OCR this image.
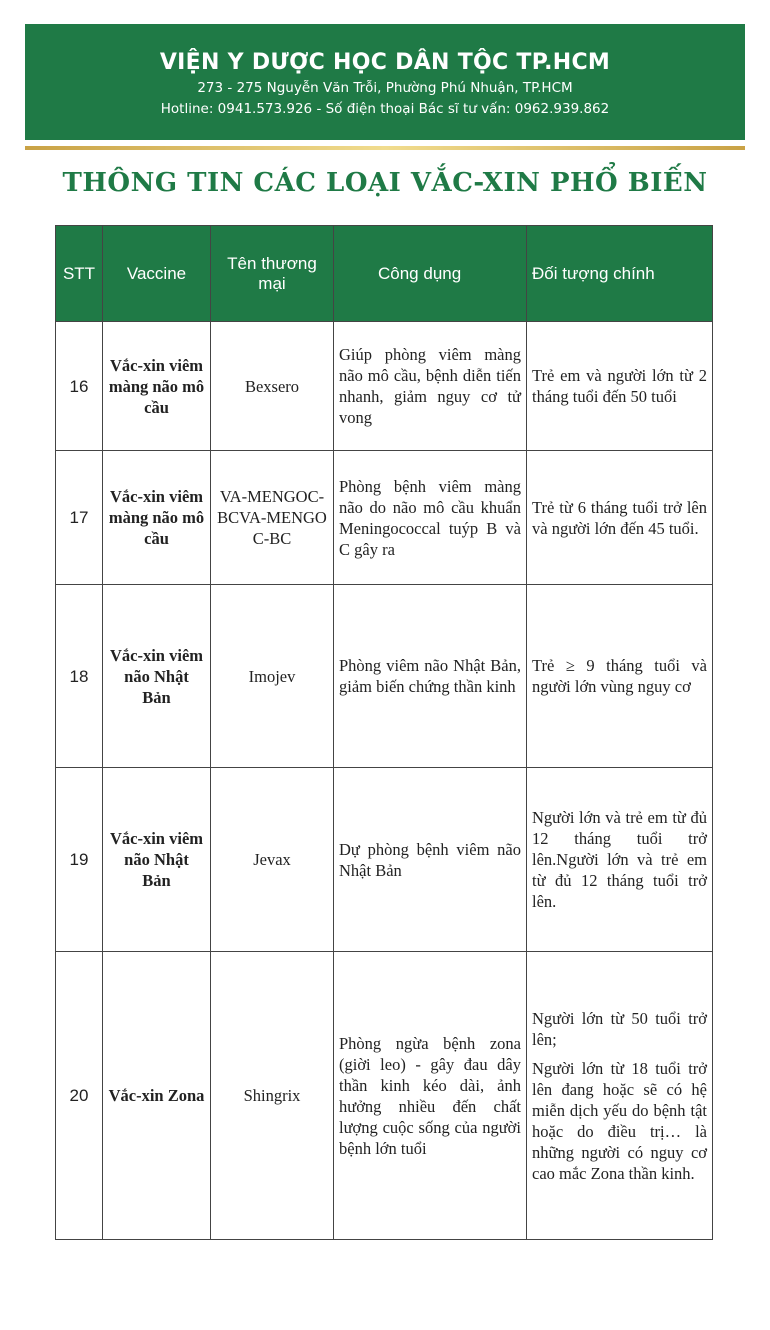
VIỆN Y DƯỢC HỌC DÂN TỘC TP.HCM
273 - 275 Nguyễn Văn Trỗi, Phường Phú Nhuận, TP.HCM
Hotline: 0941.573.926 - Số điện thoại Bác sĩ tư vấn: 0962.939.862
THÔNG TIN CÁC LOẠI VẮC-XIN PHỔ BIẾN
STT	Vaccine	Tên thương mại	Công dụng	Đối tượng chính
16	Vắc-xin viêm màng não mô cầu	Bexsero	Giúp phòng viêm màng não mô cầu, bệnh diễn tiến nhanh, giảm nguy cơ tử vong	Trẻ em và người lớn từ 2 tháng tuổi đến 50 tuổi

17	Vắc-xin viêm màng não mô cầu	VA-MENGOC-BCVA-MENGOC-BC	Phòng bệnh viêm màng não do não mô cầu khuẩn Meningococcal tuýp B và C gây ra	Trẻ từ 6 tháng tuổi trở lên và người lớn đến 45 tuổi.

18	Vắc-xin viêm não Nhật Bản	Imojev	Phòng viêm não Nhật Bản, giảm biến chứng thần kinh	Trẻ ≥ 9 tháng tuổi và người lớn vùng nguy cơ

19	Vắc-xin viêm não Nhật Bản	Jevax	Dự phòng bệnh viêm não Nhật Bản	Người lớn và trẻ em từ đủ 12 tháng tuổi trở lên.Người lớn và trẻ em từ đủ 12 tháng tuổi trở lên.

20	Vắc-xin Zona	Shingrix	Phòng ngừa bệnh zona (giời leo) - gây đau dây thần kinh kéo dài, ảnh hưởng nhiều đến chất lượng cuộc sống của người bệnh lớn tuổi	Người lớn từ 50 tuổi trở lên;

Người lớn từ 18 tuổi trở lên đang hoặc sẽ có hệ miễn dịch yếu do bệnh tật hoặc do điều trị… là những người có nguy cơ cao mắc Zona thần kinh.
